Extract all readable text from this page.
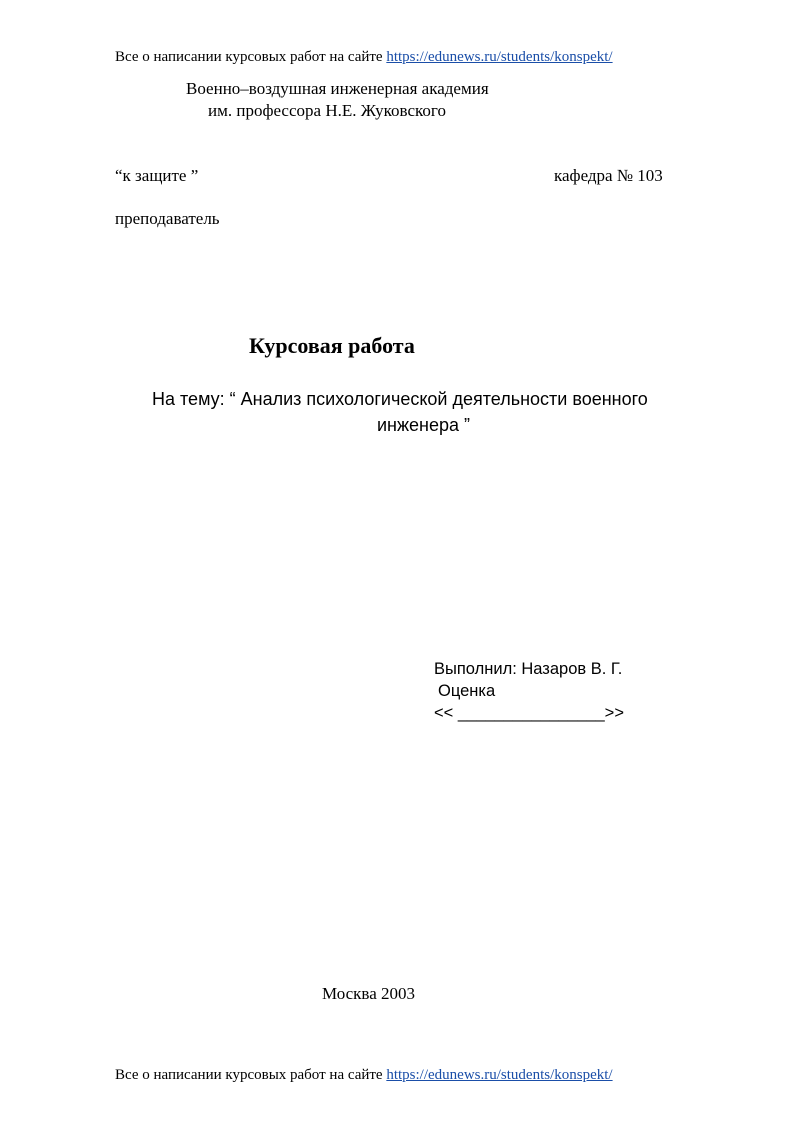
Все о написании курсовых работ на сайте https://edunews.ru/students/konspekt/
Военно–воздушная инженерная академия
им. профессора Н.Е. Жуковского
“к защите ”	кафедра № 103
преподаватель
Курсовая работа
На тему: “ Анализ психологической деятельности военного
инженера ”
Выполнил: Назаров В. Г.
Оценка
<< ________________>>
Москва 2003
Все о написании курсовых работ на сайте https://edunews.ru/students/konspekt/
